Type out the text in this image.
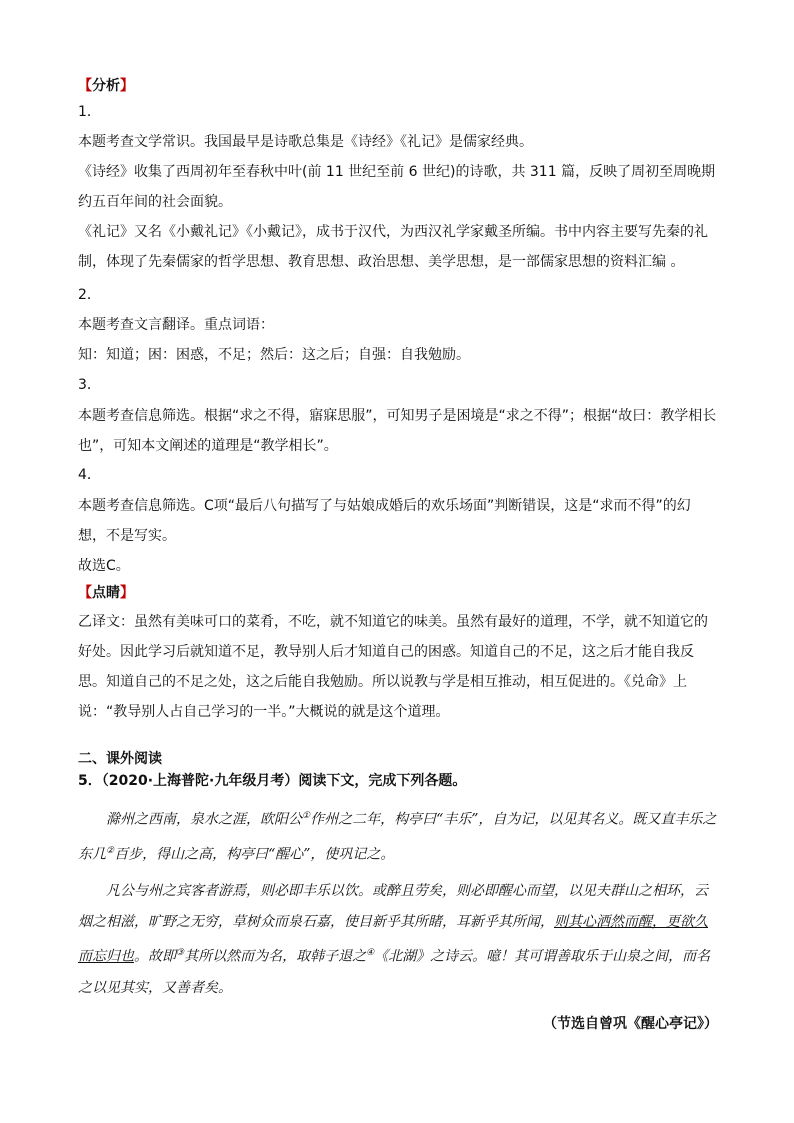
【分析】

1．

本题考查文学常识。我国最早是诗歌总集是《诗经》《礼记》是儒家经典。

《诗经》收集了西周初年至春秋中叶(前 11 世纪至前 6 世纪)的诗歌，共 311 篇，反映了周初至周晚期约五百年间的社会面貌。

《礼记》又名《小戴礼记》《小戴记》，成书于汉代，为西汉礼学家戴圣所编。书中内容主要写先秦的礼制，体现了先秦儒家的哲学思想、教育思想、政治思想、美学思想，是一部儒家思想的资料汇编 。

2．

本题考查文言翻译。重点词语：

知：知道；困：困惑，不足；然后：这之后；自强：自我勉励。

3．

本题考查信息筛选。根据“求之不得，寤寐思服”，可知男子是困境是“求之不得”；根据“故曰：教学相长也”，可知本文阐述的道理是“教学相长”。

4．

本题考查信息筛选。C项“最后八句描写了与姑娘成婚后的欢乐场面”判断错误，这是“求而不得”的幻想，不是写实。

故选C。

【点睛】

乙译文：虽然有美味可口的菜肴，不吃，就不知道它的味美。虽然有最好的道理，不学，就不知道它的好处。因此学习后就知道不足，教导别人后才知道自己的困惑。知道自己的不足，这之后才能自我反思。知道自己的不足之处，这之后能自我勉励。所以说教与学是相互推动，相互促进的。《兑命》上说：“教导别人占自己学习的一半。”大概说的就是这个道理。

二、课外阅读

5．（2020·上海普陀·九年级月考）阅读下文，完成下列各题。

滁州之西南，泉水之涯，欧阳公①作州之二年，构亭曰“丰乐”，自为记，以见其名义。既又直丰乐之东几②百步，得山之高，构亭曰“醒心”，使巩记之。

凡公与州之宾客者游焉，则必即丰乐以饮。或醉且劳矣，则必即醒心而望，以见夫群山之相环，云烟之相滋，旷野之无穷，草树众而泉石嘉，使目新乎其所睹，耳新乎其所闻，则其心洒然而醒，更欲久而忘归也。故即③其所以然而为名，取韩子退之④《北湖》之诗云。噫！其可谓善取乐于山泉之间，而名之以见其实，又善者矣。

（节选自曾巩《醒心亭记》）
